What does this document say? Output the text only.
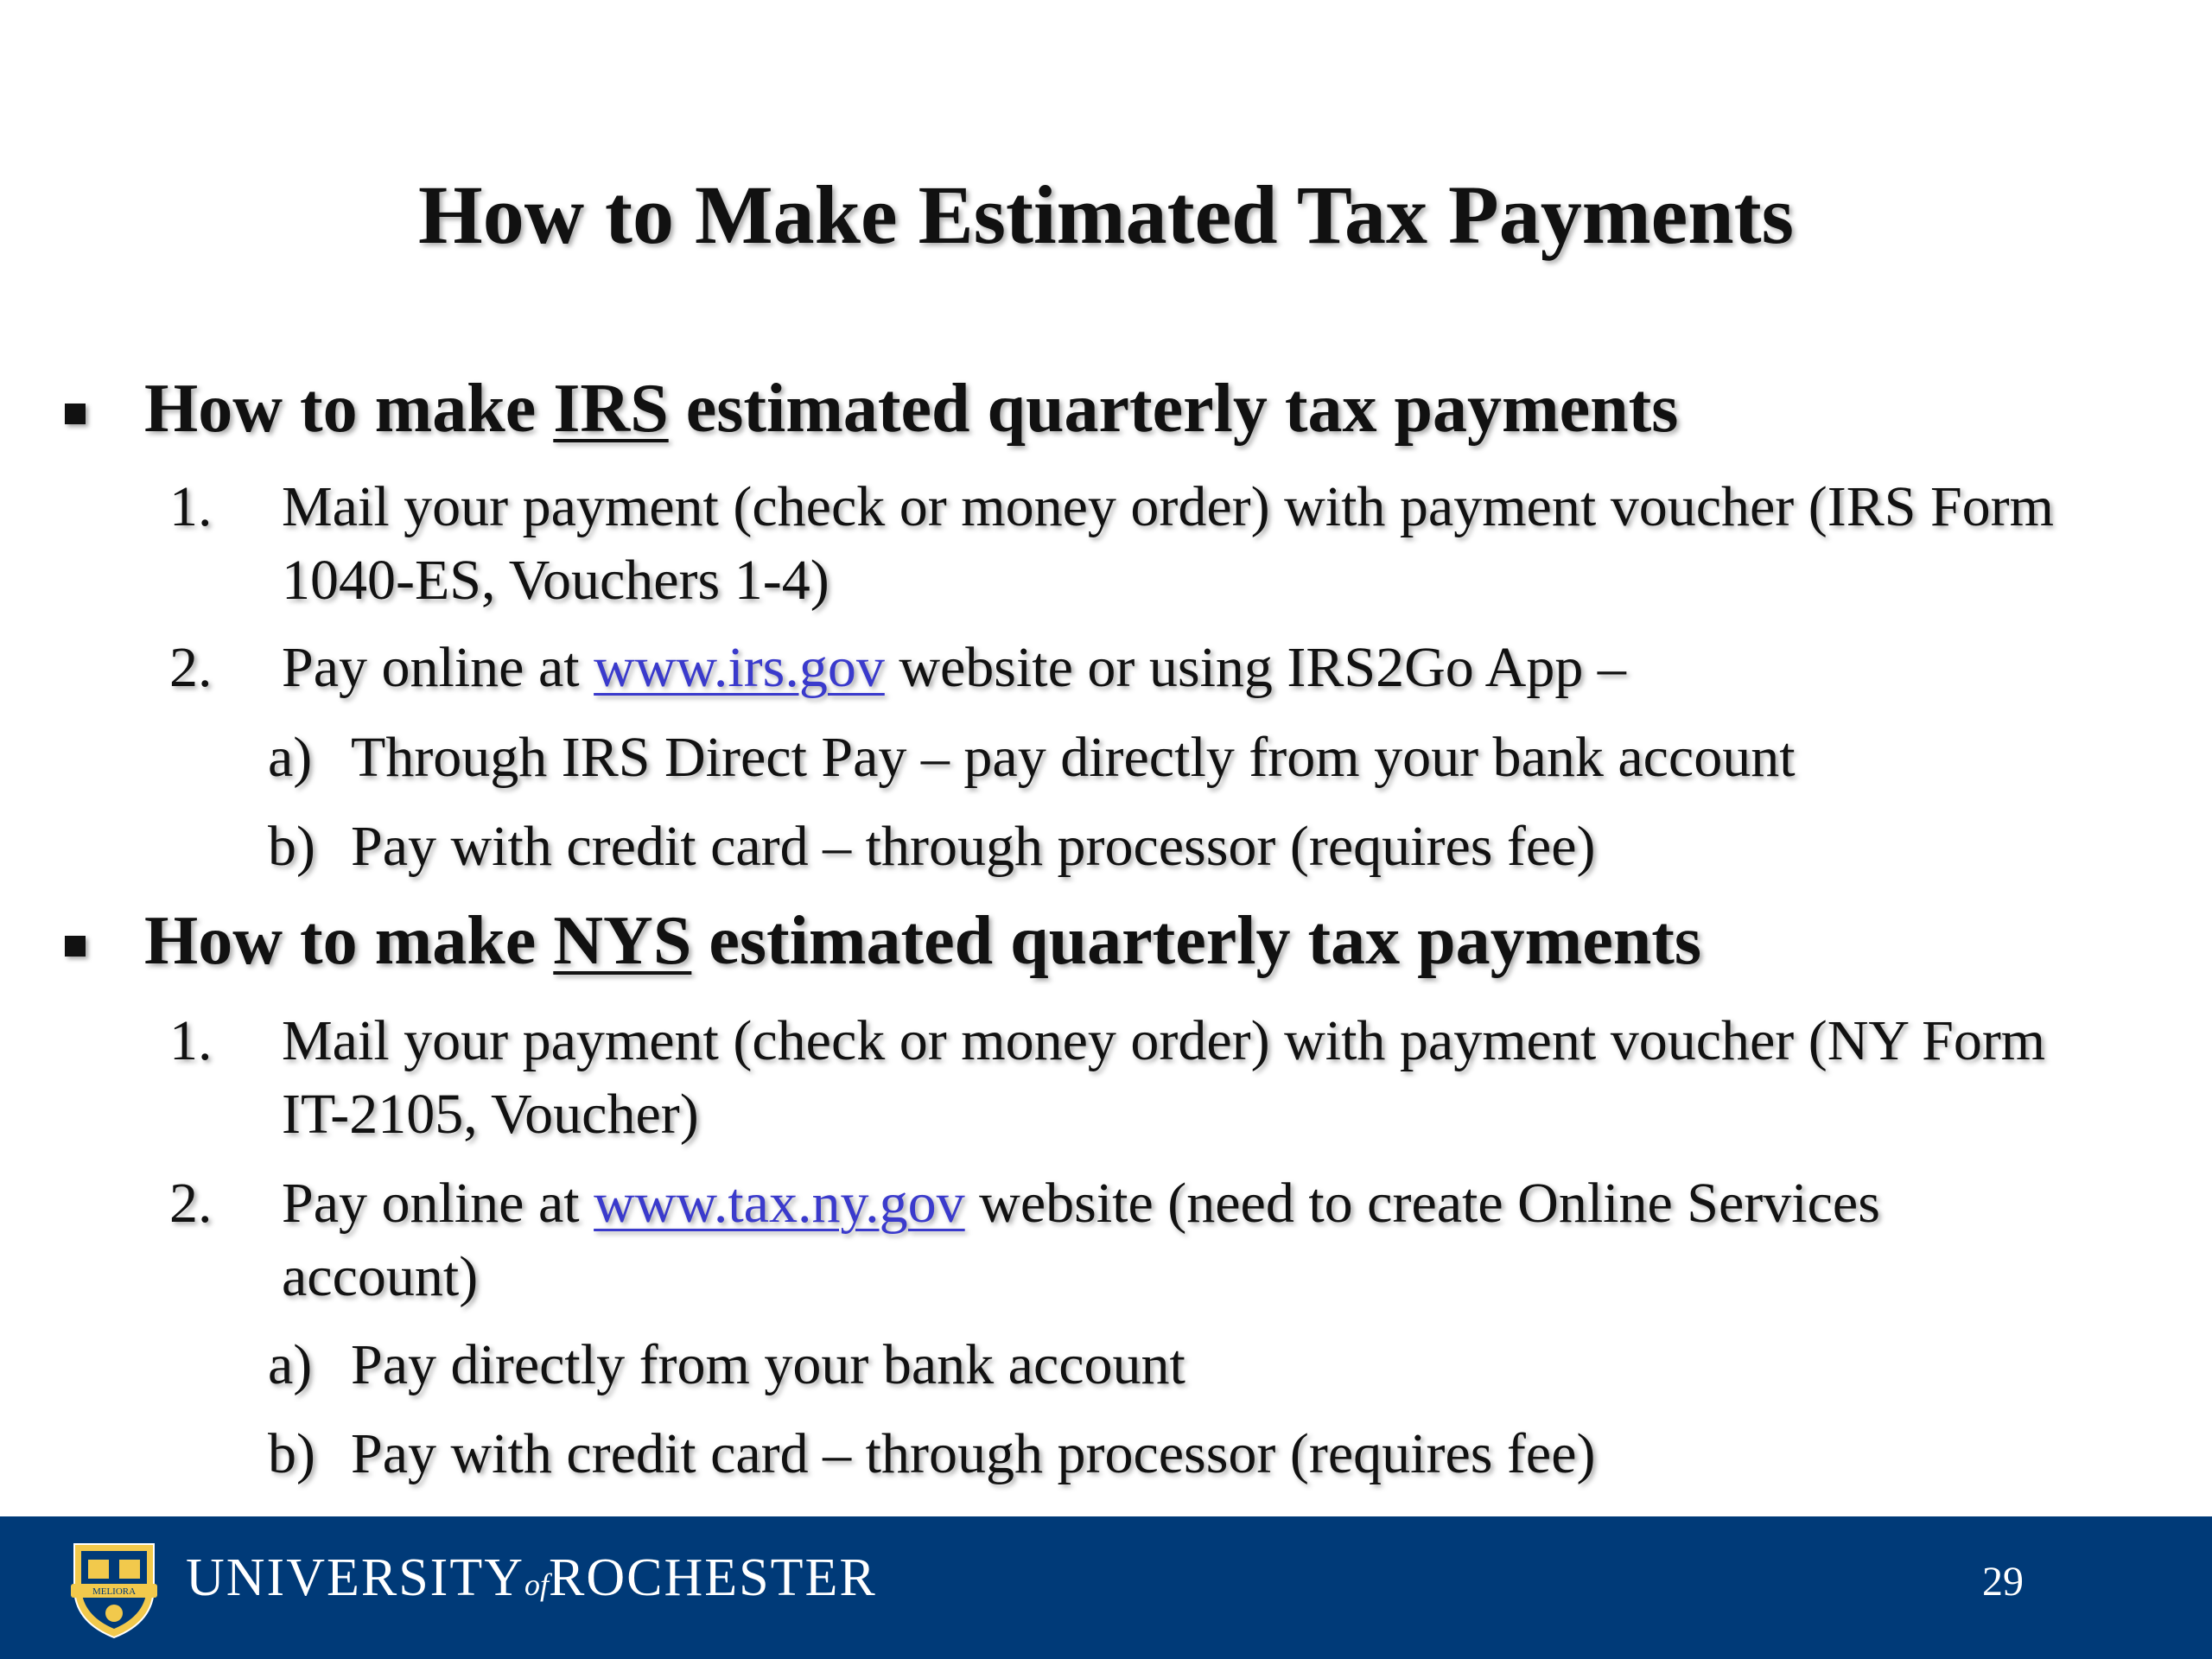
How to Make Estimated Tax Payments
How to make IRS estimated quarterly tax payments
1. Mail your payment (check or money order) with payment voucher (IRS Form 1040-ES, Vouchers 1-4)
2. Pay online at www.irs.gov website or using IRS2Go App –
a) Through IRS Direct Pay – pay directly from your bank account
b) Pay with credit card – through processor (requires fee)
How to make NYS estimated quarterly tax payments
1. Mail your payment (check or money order) with payment voucher (NY Form IT-2105, Voucher)
2. Pay online at www.tax.ny.gov website (need to create Online Services account)
a) Pay directly from your bank account
b) Pay with credit card – through processor (requires fee)
MELIORA UNIVERSITYofROCHESTER	29
